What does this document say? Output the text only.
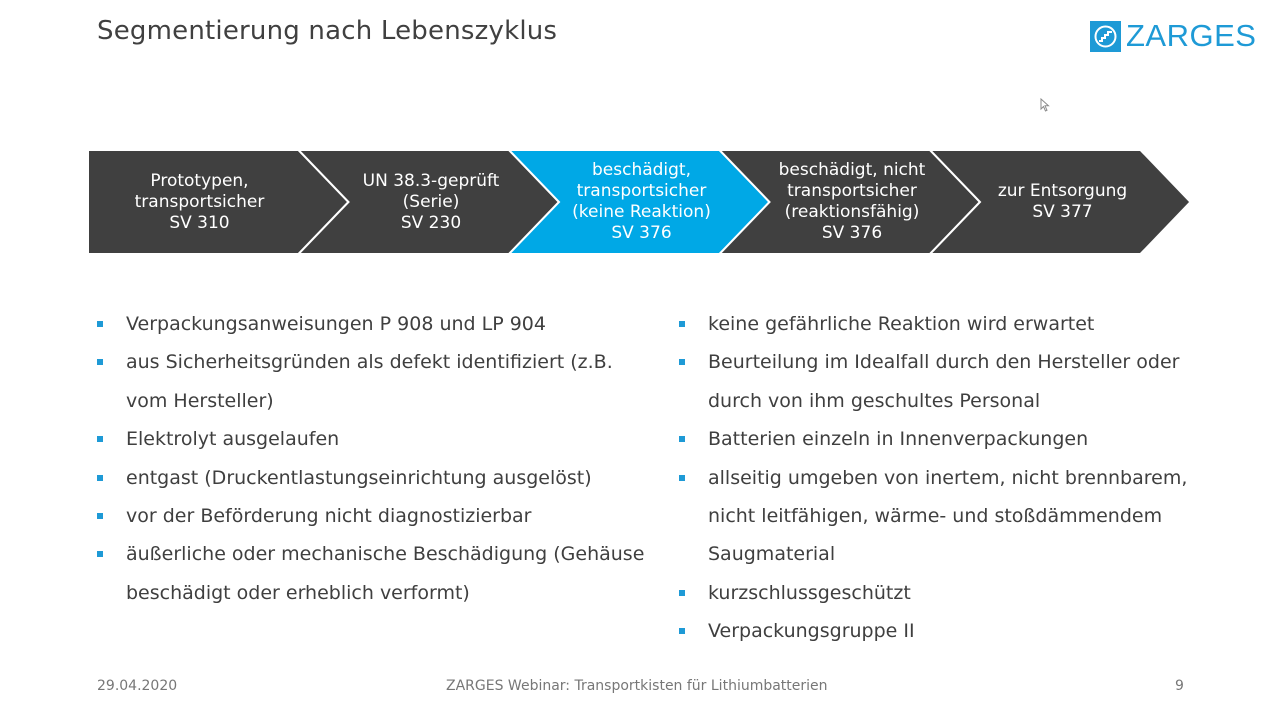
Segmentierung nach Lebenszyklus	ZARGES
Prototypen,
transportsicher
SV 310
UN 38.3-geprüft
(Serie)
SV 230
beschädigt,
transportsicher
(keine Reaktion)
SV 376
beschädigt, nicht
transportsicher
(reaktionsfähig)
SV 376
zur Entsorgung
SV 377
Verpackungsanweisungen P 908 und LP 904
aus Sicherheitsgründen als defekt identifiziert (z.B. vom Hersteller)
Elektrolyt ausgelaufen
entgast (Druckentlastungseinrichtung ausgelöst)
vor der Beförderung nicht diagnostizierbar
äußerliche oder mechanische Beschädigung (Gehäuse beschädigt oder erheblich verformt)
keine gefährliche Reaktion wird erwartet
Beurteilung im Idealfall durch den Hersteller oder durch von ihm geschultes Personal
Batterien einzeln in Innenverpackungen
allseitig umgeben von inertem, nicht brennbarem, nicht leitfähigen, wärme- und stoßdämmendem Saugmaterial
kurzschlussgeschützt
Verpackungsgruppe II
29.04.2020	ZARGES Webinar: Transportkisten für Lithiumbatterien	9
